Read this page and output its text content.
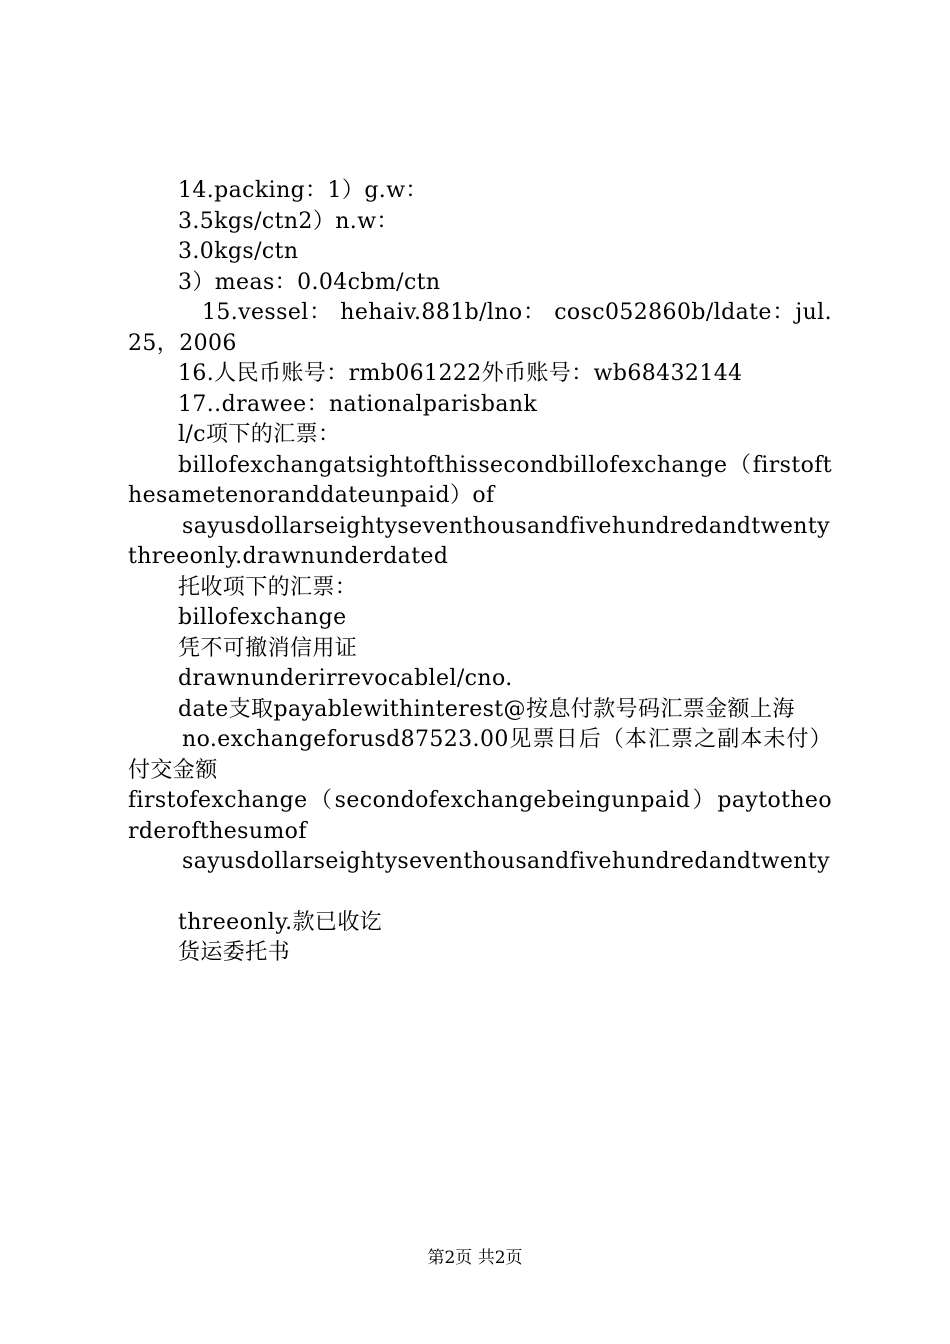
14.packing：1）g.w：

3.5kgs/ctn2）n.w：

3.0kgs/ctn

3）meas：0.04cbm/ctn

15.vessel： hehaiv.881b/lno： cosc052860b/ldate：jul.25，2006

16.人民币账号：rmb061222外币账号：wb68432144

17..drawee：nationalparisbank

l/c项下的汇票：

billofexchangatsightofthissecondbillofexchange（firstofthesametenoranddateunpaid）of

sayusdollarseightyseventhousandfivehundredandtwentythreeonly.drawnunderdated

托收项下的汇票：

billofexchange

凭不可撤消信用证

drawnunderirrevocablel/cno.

date支取payablewithinterest@按息付款号码汇票金额上海

no.exchangeforusd87523.00见票日后（本汇票之副本未付）付交金额

firstofexchange（secondofexchangebeingunpaid）paytotheorderofthesumof

sayusdollarseightyseventhousandfivehundredandtwenty

threeonly.款已收讫

货运委托书

第2页 共2页
